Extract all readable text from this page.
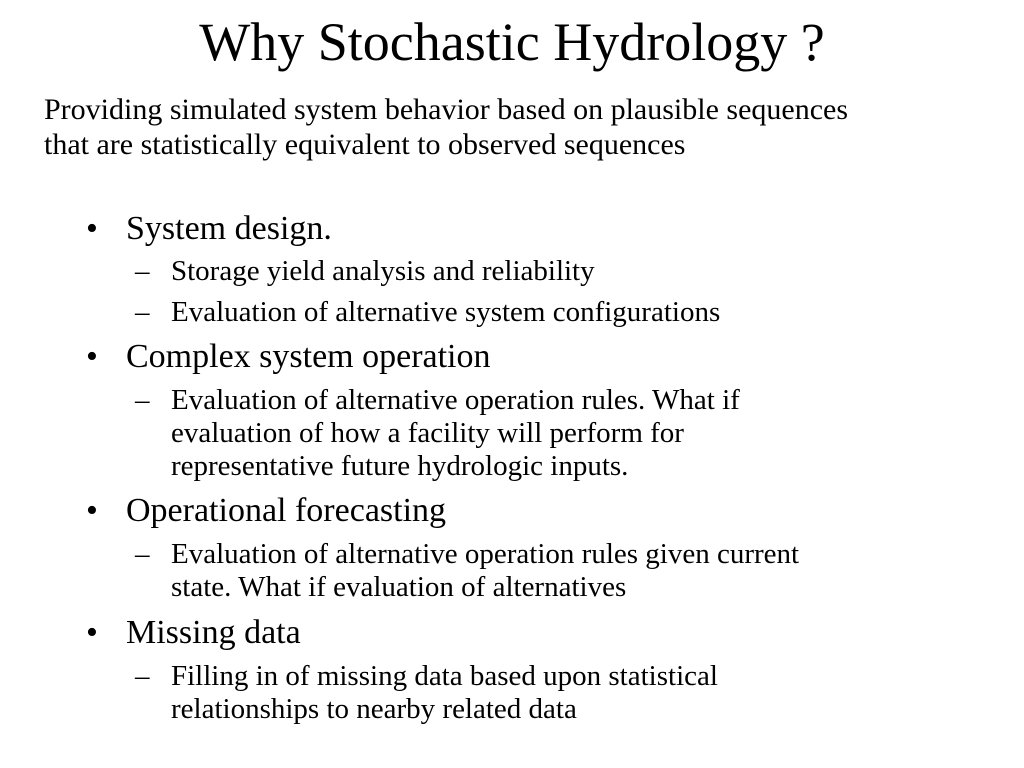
Why Stochastic Hydrology ?
Providing simulated system behavior based on plausible sequences
that are statistically equivalent to observed sequences
• System design.
– Storage yield analysis and reliability
– Evaluation of alternative system configurations
• Complex system operation
– Evaluation of alternative operation rules. What if
evaluation of how a facility will perform for
representative future hydrologic inputs.
• Operational forecasting
– Evaluation of alternative operation rules given current
state. What if evaluation of alternatives
• Missing data
– Filling in of missing data based upon statistical
relationships to nearby related data
